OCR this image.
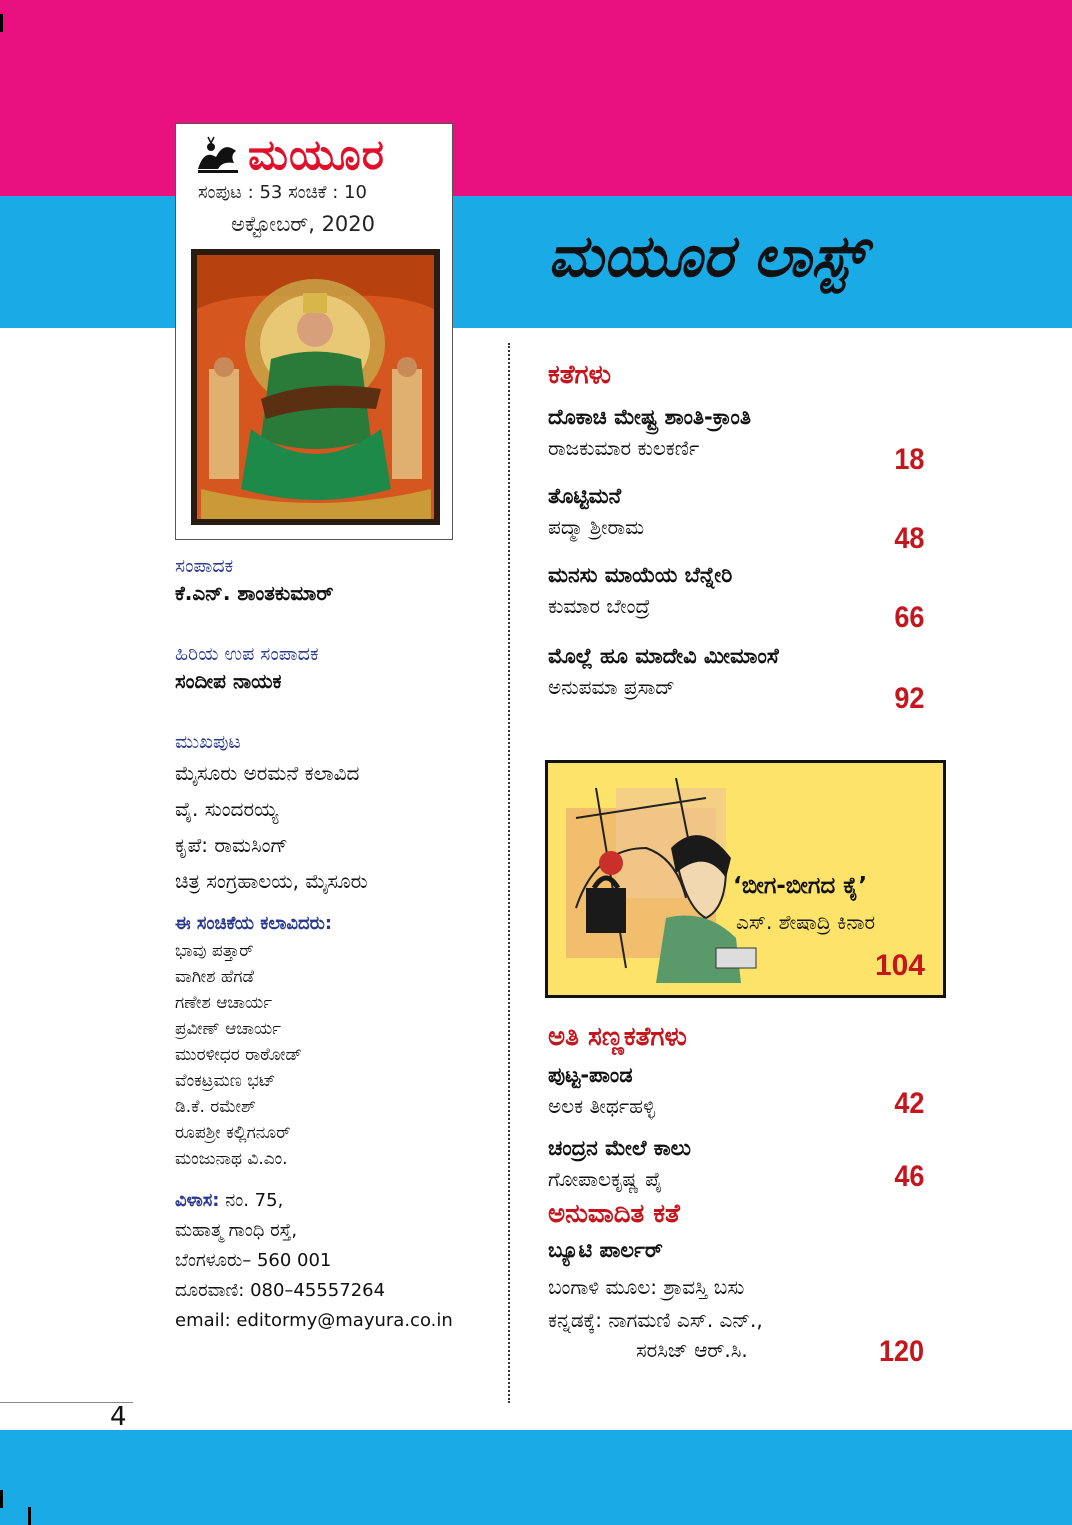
ಮಯೂರ
ಸಂಪುಟ : 53 ಸಂಚಿಕೆ : 10
ಅಕ್ಟೋಬರ್, 2020	ಮಯೂರ ಲಾಸ್ಟ್
ಸಂಪಾದಕ
ಕೆ.ಎನ್. ಶಾಂತಕುಮಾರ್
ಹಿರಿಯ ಉಪ ಸಂಪಾದಕ
ಸಂದೀಪ ನಾಯಕ
ಮುಖಪುಟ
ಮೈಸೂರು ಅರಮನೆ ಕಲಾವಿದ
ವೈ. ಸುಂದರಯ್ಯ
ಕೃಪೆ: ರಾಮಸಿಂಗ್
ಚಿತ್ರ ಸಂಗ್ರಹಾಲಯ, ಮೈಸೂರು
ಈ ಸಂಚಿಕೆಯ ಕಲಾವಿದರು:
ಭಾವು ಪತ್ತಾರ್
ವಾಗೀಶ ಹೆಗಡೆ
ಗಣೇಶ ಆಚಾರ್ಯ
ಪ್ರವೀಣ್ ಆಚಾರ್ಯ
ಮುರಳೀಧರ ರಾಠೋಡ್
ವೆಂಕಟ್ರಮಣ ಭಟ್
ಡಿ.ಕೆ. ರಮೇಶ್
ರೂಪಶ್ರೀ ಕಲ್ಲಿಗನೂರ್
ಮಂಜುನಾಥ ವಿ.ಎಂ.
ವಿಳಾಸ: ನಂ. 75,
ಮಹಾತ್ಮ ಗಾಂಧಿ ರಸ್ತೆ,
ಬೆಂಗಳೂರು– 560 001
ದೂರವಾಣಿ: 080–45557264
email: editormy@mayura.co.in
ಕತೆಗಳು
ದೊಕಾಚಿ ಮೇಷ್ಟ್ರ ಶಾಂತಿ-ಕ್ರಾಂತಿ
ರಾಜಕುಮಾರ ಕುಲಕರ್ಣಿ	18
ತೊಟ್ಟಿಮನೆ
ಪದ್ಮಾ ಶ್ರೀರಾಮ	48
ಮನಸು ಮಾಯೆಯ ಬೆನ್ನೇರಿ
ಕುಮಾರ ಬೇಂದ್ರೆ	66
ಮೊಲ್ಲೆ ಹೂ ಮಾದೇವಿ ಮೀಮಾಂಸೆ
ಅನುಪಮಾ ಪ್ರಸಾದ್	92
‘ಬೀಗ-ಬೀಗದ ಕೈ’
ಎಸ್. ಶೇಷಾದ್ರಿ ಕಿನಾರ
104
ಅತಿ ಸಣ್ಣಕತೆಗಳು
ಪುಟ್ಟ-ಪಾಂಡ
ಅಲಕ ತೀರ್ಥಹಳ್ಳಿ	42
ಚಂದ್ರನ ಮೇಲೆ ಕಾಲು
ಗೋಪಾಲಕೃಷ್ಣ ಪೈ	46
ಅನುವಾದಿತ ಕತೆ
ಬ್ಯೂಟಿ ಪಾರ್ಲರ್
ಬಂಗಾಳಿ ಮೂಲ: ಶ್ರಾವಸ್ತಿ ಬಸು
ಕನ್ನಡಕ್ಕೆ: ನಾಗಮಣಿ ಎಸ್. ಎನ್.,
ಸರಸಿಜ್ ಆರ್.ಸಿ.	120
4
